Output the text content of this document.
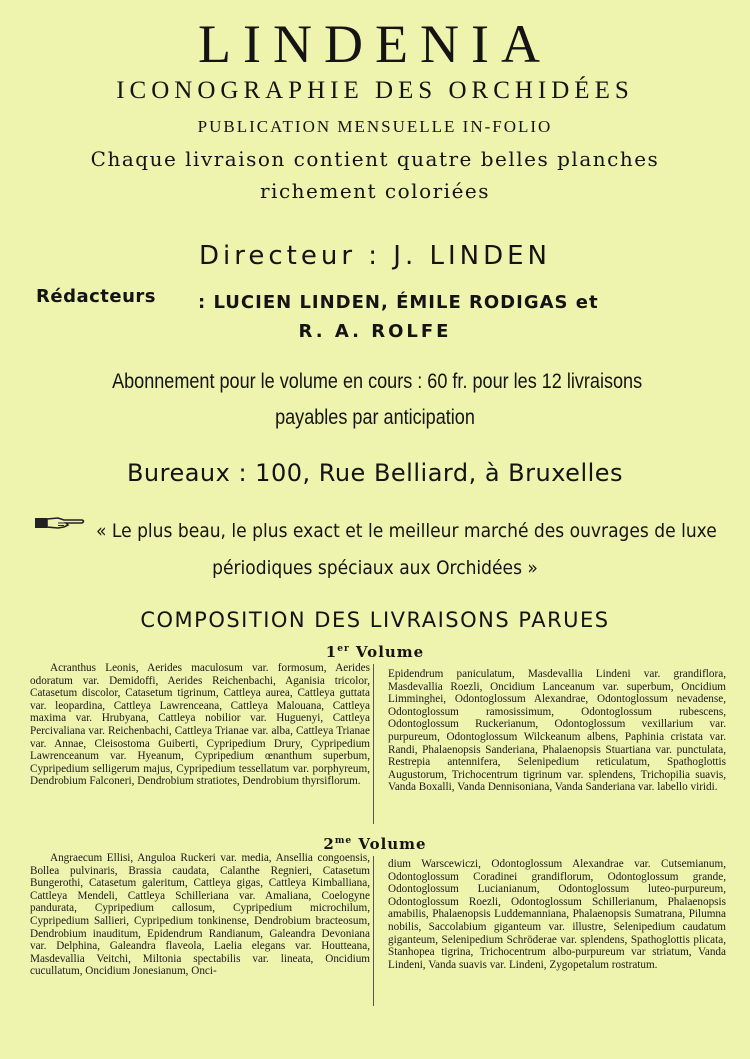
LINDENIA
ICONOGRAPHIE DES ORCHIDÉES
PUBLICATION MENSUELLE IN-FOLIO
Chaque livraison contient quatre belles planches
richement coloriées
Directeur : J. LINDEN
Rédacteurs : LUCIEN LINDEN, ÉMILE RODIGAS et
R. A. ROLFE
Abonnement pour le volume en cours : 60 fr. pour les 12 livraisons
payables par anticipation
Bureaux : 100, Rue Belliard, à Bruxelles
« Le plus beau, le plus exact et le meilleur marché des ouvrages de luxe
périodiques spéciaux aux Orchidées »
COMPOSITION DES LIVRAISONS PARUES
1er Volume

Acranthus Leonis, Aerides maculosum var. formosum, Aerides odoratum var. Demidoffi, Aerides Reichenbachi, Aganisia tricolor, Catasetum discolor, Catasetum tigrinum, Cattleya aurea, Cattleya guttata var. leopardina, Cattleya Lawrenceana, Cattleya Malouana, Cattleya maxima var. Hrubyana, Cattleya nobilior var. Huguenyi, Cattleya Percivaliana var. Reichenbachi, Cattleya Trianae var. alba, Cattleya Trianae var. Annae, Cleisostoma Guiberti, Cypripedium Drury, Cypripedium Lawrenceanum var. Hyeanum, Cypripedium œnanthum superbum, Cypripedium selligerum majus, Cypripedium tessellatum var. porphyreum, Dendrobium Falconeri, Dendrobium stratiotes, Dendrobium thyrsiflorum.

Epidendrum paniculatum, Masdevallia Lindeni var. grandiflora, Masdevallia Roezli, Oncidium Lanceanum var. superbum, Oncidium Limminghei, Odontoglossum Alexandrae, Odontoglossum nevadense, Odontoglossum ramosissimum, Odontoglossum rubescens, Odontoglossum Ruckerianum, Odontoglossum vexillarium var. purpureum, Odontoglossum Wilckeanum albens, Paphinia cristata var. Randi, Phalaenopsis Sanderiana, Phalaenopsis Stuartiana var. punctulata, Restrepia antennifera, Selenipedium reticulatum, Spathoglottis Augustorum, Trichocentrum tigrinum var. splendens, Trichopilia suavis, Vanda Boxalli, Vanda Dennisoniana, Vanda Sanderiana var. labello viridi.

$2^{me}$ Volume

Angraecum Ellisi, Anguloa Ruckeri var. media, Ansellia congoensis, Bollea pulvinaris, Brassia caudata, Calanthe Regnieri, Catasetum Bungerothi, Catasetum galeritum, Cattleya gigas, Cattleya Kimballiana, Cattleya Mendeli, Cattleya Schilleriana var. Amaliana, Coelogyne pandurata, Cypripedium callosum, Cypripedium microchilum, Cypripedium Sallieri, Cypripedium tonkinense, Dendrobium bracteosum, Dendrobium inauditum, Epidendrum Randianum, Galeandra Devoniana var. Delphina, Galeandra flaveola, Laelia elegans var. Houtteana, Masdevallia Veitchi, Miltonia spectabilis var. lineata, Oncidium cucullatum, Oncidium Jonesianum, Onci-

dium Warscewiczi, Odontoglossum Alexandrae var. Cutsemianum, Odontoglossum Coradinei grandiflorum, Odontoglossum grande, Odontoglossum Lucianianum, Odontoglossum luteo-purpureum, Odontoglossum Roezli, Odontoglossum Schillerianum, Phalaenopsis amabilis, Phalaenopsis Luddemanniana, Phalaenopsis Sumatrana, Pilumna nobilis, Saccolabium giganteum var. illustre, Selenipedium caudatum giganteum, Selenipedium Schröderae var. splendens, Spathoglottis plicata, Stanhopea tigrina, Trichocentrum albo-purpureum var striatum, Vanda Lindeni, Vanda suavis var. Lindeni, Zygopetalum rostratum.
